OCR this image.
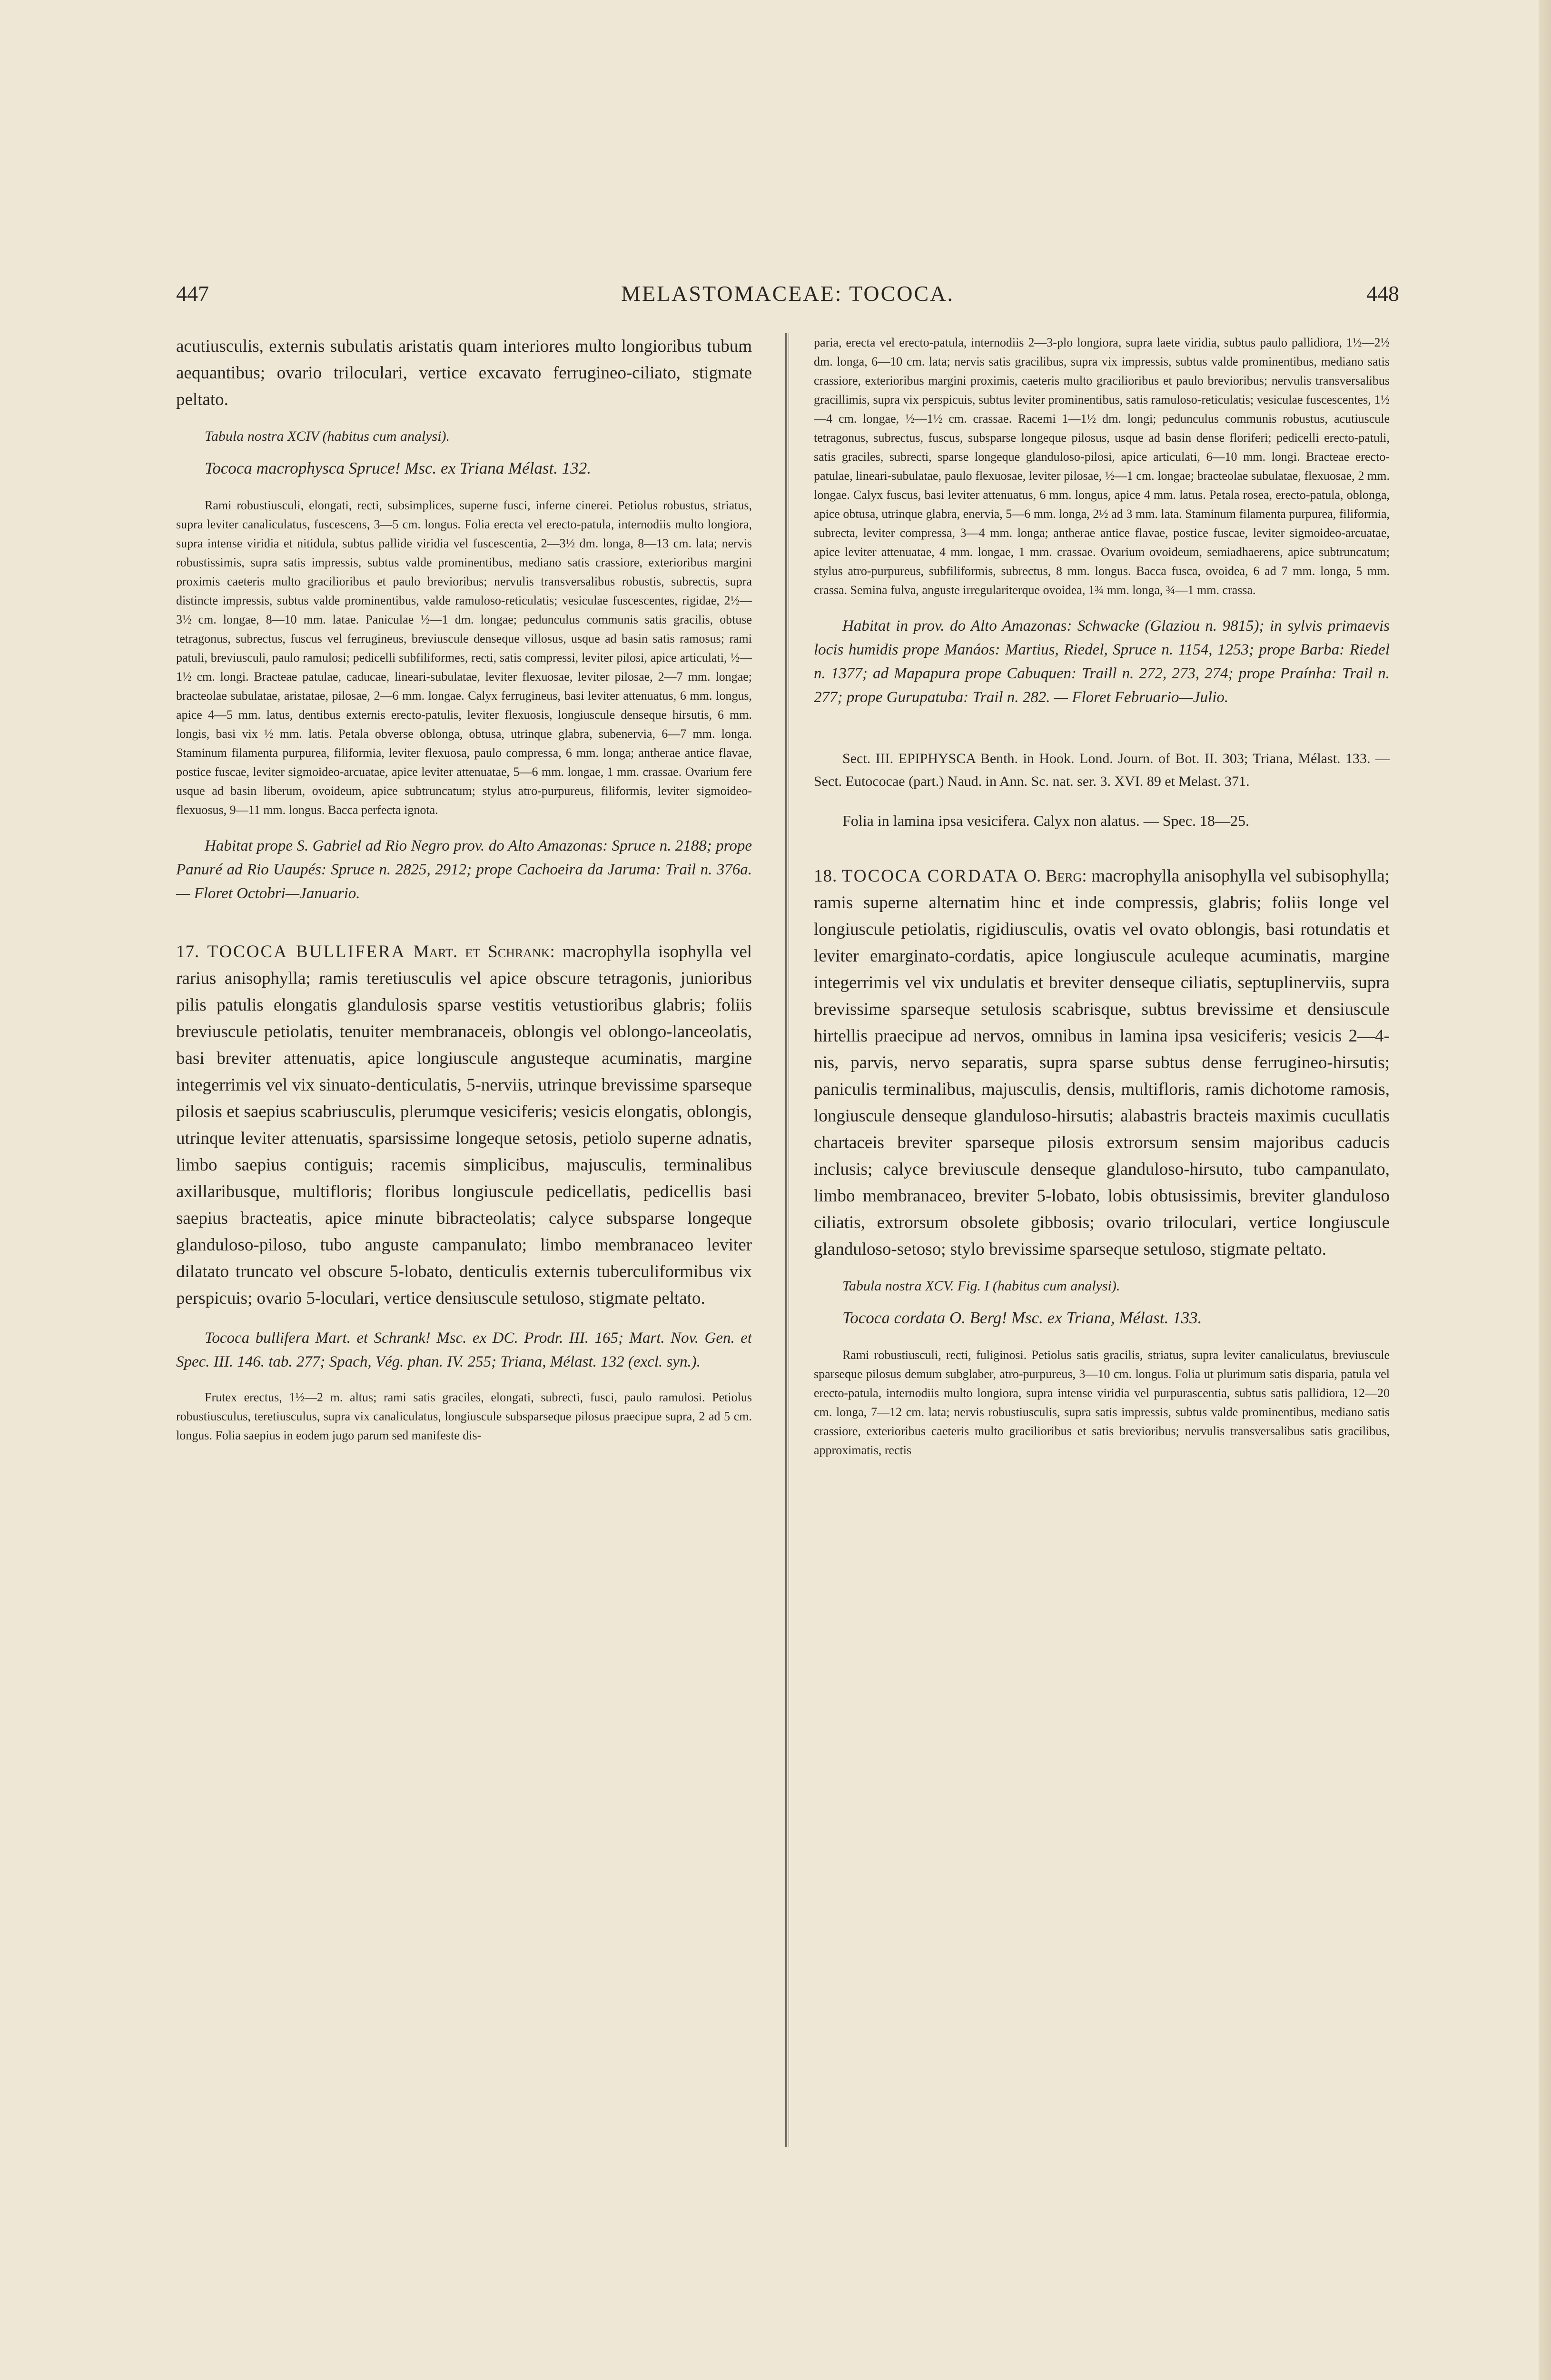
447	MELASTOMACEAE: TOCOCA.	448

acutiusculis, externis subulatis aristatis quam interiores multo longioribus tubum aequantibus; ovario triloculari, vertice excavato ferrugineo-ciliato, stigmate peltato.

Tabula nostra XCIV (habitus cum analysi).

Tococa macrophysca Spruce! Msc. ex Triana Mélast. 132.

Rami robustiusculi, elongati, recti, subsimplices, superne fusci, inferne cinerei. Petiolus robustus, striatus, supra leviter canaliculatus, fuscescens, 3—5 cm. longus. Folia erecta vel erecto-patula, internodiis multo longiora, supra intense viridia et nitidula, subtus pallide viridia vel fuscescentia, 2—3½ dm. longa, 8—13 cm. lata; nervis robustissimis, supra satis impressis, subtus valde prominentibus, mediano satis crassiore, exterioribus margini proximis caeteris multo gracilioribus et paulo brevioribus; nervulis transversalibus robustis, subrectis, supra distincte impressis, subtus valde prominentibus, valde ramuloso-reticulatis; vesiculae fuscescentes, rigidae, 2½—3½ cm. longae, 8—10 mm. latae. Paniculae ½—1 dm. longae; pedunculus communis satis gracilis, obtuse tetragonus, subrectus, fuscus vel ferrugineus, breviuscule denseque villosus, usque ad basin satis ramosus; rami patuli, breviusculi, paulo ramulosi; pedicelli subfiliformes, recti, satis compressi, leviter pilosi, apice articulati, ½—1½ cm. longi. Bracteae patulae, caducae, lineari-subulatae, leviter flexuosae, leviter pilosae, 2—7 mm. longae; bracteolae subulatae, aristatae, pilosae, 2—6 mm. longae. Calyx ferrugineus, basi leviter attenuatus, 6 mm. longus, apice 4—5 mm. latus, dentibus externis erecto-patulis, leviter flexuosis, longiuscule denseque hirsutis, 6 mm. longis, basi vix ½ mm. latis. Petala obverse oblonga, obtusa, utrinque glabra, subenervia, 6—7 mm. longa. Staminum filamenta purpurea, filiformia, leviter flexuosa, paulo compressa, 6 mm. longa; antherae antice flavae, postice fuscae, leviter sigmoideo-arcuatae, apice leviter attenuatae, 5—6 mm. longae, 1 mm. crassae. Ovarium fere usque ad basin liberum, ovoideum, apice subtruncatum; stylus atro-purpureus, filiformis, leviter sigmoideo-flexuosus, 9—11 mm. longus. Bacca perfecta ignota.

Habitat prope S. Gabriel ad Rio Negro prov. do Alto Amazonas: Spruce n. 2188; prope Panuré ad Rio Uaupés: Spruce n. 2825, 2912; prope Cachoeira da Jaruma: Trail n. 376a. — Floret Octobri—Januario.

17. TOCOCA BULLIFERA Mart. et Schrank: macrophylla isophylla vel rarius anisophylla; ramis teretiusculis vel apice obscure tetragonis, junioribus pilis patulis elongatis glandulosis sparse vestitis vetustioribus glabris; foliis breviuscule petiolatis, tenuiter membranaceis, oblongis vel oblongo-lanceolatis, basi breviter attenuatis, apice longiuscule angusteque acuminatis, margine integerrimis vel vix sinuato-denticulatis, 5-nerviis, utrinque brevissime sparseque pilosis et saepius scabriusculis, plerumque vesiciferis; vesicis elongatis, oblongis, utrinque leviter attenuatis, sparsissime longeque setosis, petiolo superne adnatis, limbo saepius contiguis; racemis simplicibus, majusculis, terminalibus axillaribusque, multifloris; floribus longiuscule pedicellatis, pedicellis basi saepius bracteatis, apice minute bibracteolatis; calyce subsparse longeque glanduloso-piloso, tubo anguste campanulato; limbo membranaceo leviter dilatato truncato vel obscure 5-lobato, denticulis externis tuberculiformibus vix perspicuis; ovario 5-loculari, vertice densiuscule setuloso, stigmate peltato.

Tococa bullifera Mart. et Schrank! Msc. ex DC. Prodr. III. 165; Mart. Nov. Gen. et Spec. III. 146. tab. 277; Spach, Vég. phan. IV. 255; Triana, Mélast. 132 (excl. syn.).

Frutex erectus, 1½—2 m. altus; rami satis graciles, elongati, subrecti, fusci, paulo ramulosi. Petiolus robustiusculus, teretiusculus, supra vix canaliculatus, longiuscule subsparseque pilosus praecipue supra, 2 ad 5 cm. longus. Folia saepius in eodem jugo parum sed manifeste dis-

paria, erecta vel erecto-patula, internodiis 2—3-plo longiora, supra laete viridia, subtus paulo pallidiora, 1½—2½ dm. longa, 6—10 cm. lata; nervis satis gracilibus, supra vix impressis, subtus valde prominentibus, mediano satis crassiore, exterioribus margini proximis, caeteris multo gracilioribus et paulo brevioribus; nervulis transversalibus gracillimis, supra vix perspicuis, subtus leviter prominentibus, satis ramuloso-reticulatis; vesiculae fuscescentes, 1½—4 cm. longae, ½—1½ cm. crassae. Racemi 1—1½ dm. longi; pedunculus communis robustus, acutiuscule tetragonus, subrectus, fuscus, subsparse longeque pilosus, usque ad basin dense floriferi; pedicelli erecto-patuli, satis graciles, subrecti, sparse longeque glanduloso-pilosi, apice articulati, 6—10 mm. longi. Bracteae erecto-patulae, lineari-subulatae, paulo flexuosae, leviter pilosae, ½—1 cm. longae; bracteolae subulatae, flexuosae, 2 mm. longae. Calyx fuscus, basi leviter attenuatus, 6 mm. longus, apice 4 mm. latus. Petala rosea, erecto-patula, oblonga, apice obtusa, utrinque glabra, enervia, 5—6 mm. longa, 2½ ad 3 mm. lata. Staminum filamenta purpurea, filiformia, subrecta, leviter compressa, 3—4 mm. longa; antherae antice flavae, postice fuscae, leviter sigmoideo-arcuatae, apice leviter attenuatae, 4 mm. longae, 1 mm. crassae. Ovarium ovoideum, semiadhaerens, apice subtruncatum; stylus atro-purpureus, subfiliformis, subrectus, 8 mm. longus. Bacca fusca, ovoidea, 6 ad 7 mm. longa, 5 mm. crassa. Semina fulva, anguste irregulariterque ovoidea, 1¾ mm. longa, ¾—1 mm. crassa.

Habitat in prov. do Alto Amazonas: Schwacke (Glaziou n. 9815); in sylvis primaevis locis humidis prope Manáos: Martius, Riedel, Spruce n. 1154, 1253; prope Barba: Riedel n. 1377; ad Mapapura prope Cabuquen: Traill n. 272, 273, 274; prope Praínha: Trail n. 277; prope Gurupatuba: Trail n. 282. — Floret Februario—Julio.

Sect. III. EPIPHYSCA Benth. in Hook. Lond. Journ. of Bot. II. 303; Triana, Mélast. 133. — Sect. Eutococae (part.) Naud. in Ann. Sc. nat. ser. 3. XVI. 89 et Melast. 371.

Folia in lamina ipsa vesicifera. Calyx non alatus. — Spec. 18—25.

18. TOCOCA CORDATA O. Berg: macrophylla anisophylla vel subisophylla; ramis superne alternatim hinc et inde compressis, glabris; foliis longe vel longiuscule petiolatis, rigidiusculis, ovatis vel ovato oblongis, basi rotundatis et leviter emarginato-cordatis, apice longiuscule aculeque acuminatis, margine integerrimis vel vix undulatis et breviter denseque ciliatis, septuplinerviis, supra brevissime sparseque setulosis scabrisque, subtus brevissime et densiuscule hirtellis praecipue ad nervos, omnibus in lamina ipsa vesiciferis; vesicis 2—4-nis, parvis, nervo separatis, supra sparse subtus dense ferrugineo-hirsutis; paniculis terminalibus, majusculis, densis, multifloris, ramis dichotome ramosis, longiuscule denseque glanduloso-hirsutis; alabastris bracteis maximis cucullatis chartaceis breviter sparseque pilosis extrorsum sensim majoribus caducis inclusis; calyce breviuscule denseque glanduloso-hirsuto, tubo campanulato, limbo membranaceo, breviter 5-lobato, lobis obtusissimis, breviter glanduloso ciliatis, extrorsum obsolete gibbosis; ovario triloculari, vertice longiuscule glanduloso-setoso; stylo brevissime sparseque setuloso, stigmate peltato.

Tabula nostra XCV. Fig. I (habitus cum analysi).

Tococa cordata O. Berg! Msc. ex Triana, Mélast. 133.

Rami robustiusculi, recti, fuliginosi. Petiolus satis gracilis, striatus, supra leviter canaliculatus, breviuscule sparseque pilosus demum subglaber, atro-purpureus, 3—10 cm. longus. Folia ut plurimum satis disparia, patula vel erecto-patula, internodiis multo longiora, supra intense viridia vel purpurascentia, subtus satis pallidiora, 12—20 cm. longa, 7—12 cm. lata; nervis robustiusculis, supra satis impressis, subtus valde prominentibus, mediano satis crassiore, exterioribus caeteris multo gracilioribus et satis brevioribus; nervulis transversalibus satis gracilibus, approximatis, rectis
